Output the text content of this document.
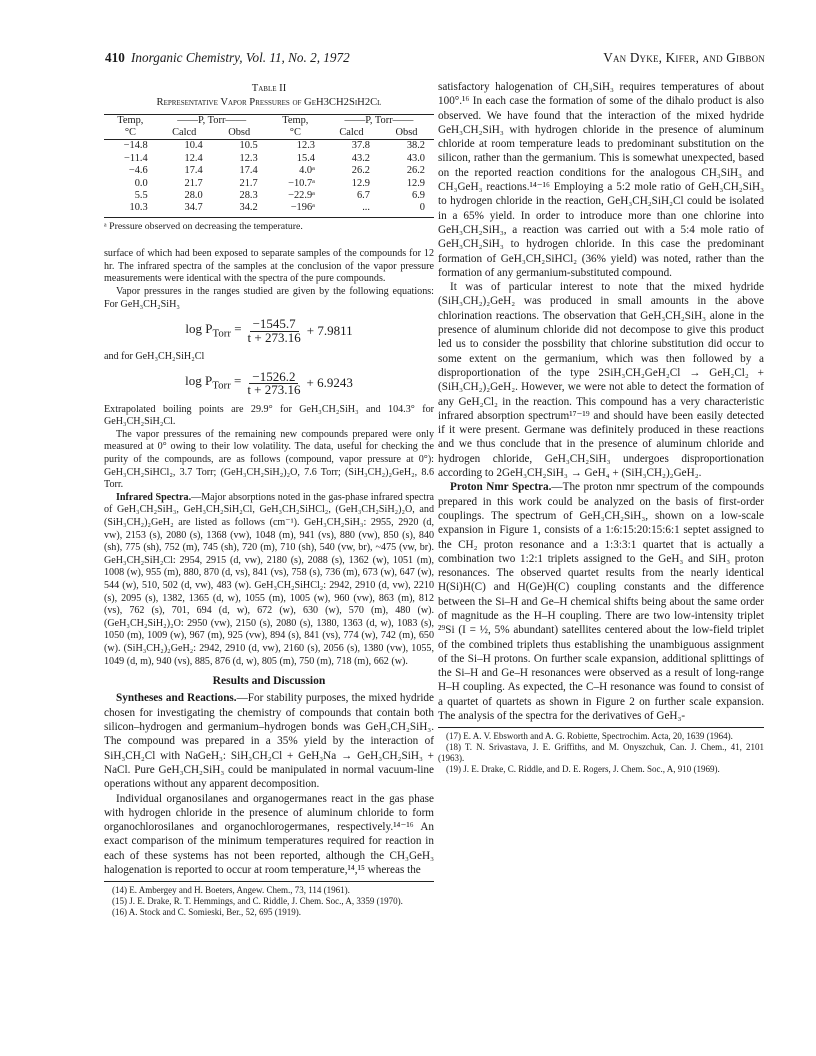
410 Inorganic Chemistry, Vol. 11, No. 2, 1972	Van Dyke, Kifer, and Gibbon
Table II
Representative Vapor Pressures of GeH3CH2SiH2Cl
Temp,	——P, Torr——		Temp,	——P, Torr——	
°C	Calcd	Obsd	°C	Calcd	Obsd
−14.8	10.4	10.5	12.3	37.8	38.2
−11.4	12.4	12.3	15.4	43.2	43.0
−4.6	17.4	17.4	4.0ᵃ	26.2	26.2
0.0	21.7	21.7	−10.7ᵃ	12.9	12.9
5.5	28.0	28.3	−22.9ᵃ	6.7	6.9
10.3	34.7	34.2	−196ᵃ	...	0
ᵃ Pressure observed on decreasing the temperature.

surface of which had been exposed to separate samples of the compounds for 12 hr. The infrared spectra of the samples at the conclusion of the vapor pressure measurements were identical with the spectra of the pure compounds.

Vapor pressures in the ranges studied are given by the following equations: For GeH₃CH₂SiH₃

$\log P_{Torr} = \frac{-1545.7}{t + 273.16} + 7.9811$

and for GeH₃CH₂SiH₂Cl

$\log P_{Torr} = \frac{-1526.2}{t + 273.16} + 6.9243$

Extrapolated boiling points are 29.9° for GeH₃CH₂SiH₃ and 104.3° for GeH₃CH₂SiH₂Cl.

The vapor pressures of the remaining new compounds prepared were only measured at 0° owing to their low volatility. The data, useful for checking the purity of the compounds, are as follows (compound, vapor pressure at 0°): GeH₃CH₂SiHCl₂, 3.7 Torr; (GeH₃CH₂SiH₂)₂O, 7.6 Torr; (SiH₃CH₂)₂GeH₂, 8.6 Torr.

Infrared Spectra.—Major absorptions noted in the gas-phase infrared spectra of GeH₃CH₂SiH₃, GeH₃CH₂SiH₂Cl, GeH₃CH₂SiHCl₂, (GeH₃CH₂SiH₂)₂O, and (SiH₃CH₂)₂GeH₂ are listed as follows (cm⁻¹). GeH₃CH₂SiH₃: 2955, 2920 (d, vw), 2153 (s), 2080 (s), 1368 (vw), 1048 (m), 941 (vs), 880 (vw), 850 (s), 840 (sh), 775 (sh), 752 (m), 745 (sh), 720 (m), 710 (sh), 540 (vw, br), ~475 (vw, br). GeH₃CH₂SiH₂Cl: 2954, 2915 (d, vw), 2180 (s), 2088 (s), 1362 (w), 1051 (m), 1008 (w), 955 (m), 880, 870 (d, vs), 841 (vs), 758 (s), 736 (m), 673 (w), 647 (w), 544 (w), 510, 502 (d, vw), 483 (w). GeH₃CH₂SiHCl₂: 2942, 2910 (d, vw), 2210 (s), 2095 (s), 1382, 1365 (d, w), 1055 (m), 1005 (w), 960 (vw), 863 (m), 812 (vs), 762 (s), 701, 694 (d, w), 672 (w), 630 (w), 570 (m), 480 (w). (GeH₃CH₂SiH₂)₂O: 2950 (vw), 2150 (s), 2080 (s), 1380, 1363 (d, w), 1083 (s), 1050 (m), 1009 (w), 967 (m), 925 (vw), 894 (s), 841 (vs), 774 (w), 742 (m), 650 (w). (SiH₃CH₂)₂GeH₂: 2942, 2910 (d, vw), 2160 (s), 2056 (s), 1380 (vw), 1055, 1049 (d, m), 940 (vs), 885, 876 (d, w), 805 (m), 750 (m), 718 (m), 662 (w).

Results and Discussion

Syntheses and Reactions.—For stability purposes, the mixed hydride chosen for investigating the chemistry of compounds that contain both silicon–hydrogen and germanium–hydrogen bonds was GeH₃CH₂SiH₃. The compound was prepared in a 35% yield by the interaction of SiH₃CH₂Cl with NaGeH₃: SiH₃CH₂Cl + GeH₃Na → GeH₃CH₂SiH₃ + NaCl. Pure GeH₃CH₂SiH₃ could be manipulated in normal vacuum-line operations without any apparent decomposition.

Individual organosilanes and organogermanes react in the gas phase with hydrogen chloride in the presence of aluminum chloride to form organochlorosilanes and organochlorogermanes, respectively.¹⁴⁻¹⁶ An exact comparison of the minimum temperatures required for reaction in each of these systems has not been reported, although the CH₃GeH₃ halogenation is reported to occur at room temperature,¹⁴,¹⁵ whereas the

(14) E. Ambergey and H. Boeters, Angew. Chem., 73, 114 (1961).

(15) J. E. Drake, R. T. Hemmings, and C. Riddle, J. Chem. Soc., A, 3359 (1970).

(16) A. Stock and C. Somieski, Ber., 52, 695 (1919).

satisfactory halogenation of CH₃SiH₃ requires temperatures of about 100°.¹⁶ In each case the formation of some of the dihalo product is also observed. We have found that the interaction of the mixed hydride GeH₃CH₂SiH₃ with hydrogen chloride in the presence of aluminum chloride at room temperature leads to predominant substitution on the silicon, rather than the germanium. This is somewhat unexpected, based on the reported reaction conditions for the analogous CH₃SiH₃ and CH₃GeH₃ reactions.¹⁴⁻¹⁶ Employing a 5:2 mole ratio of GeH₃CH₂SiH₃ to hydrogen chloride in the reaction, GeH₃CH₂SiH₂Cl could be isolated in a 65% yield. In order to introduce more than one chlorine into GeH₃CH₂SiH₃, a reaction was carried out with a 5:4 mole ratio of GeH₃CH₂SiH₃ to hydrogen chloride. In this case the predominant formation of GeH₃CH₂SiHCl₂ (36% yield) was noted, rather than the formation of any germanium-substituted compound.

It was of particular interest to note that the mixed hydride (SiH₃CH₂)₂GeH₂ was produced in small amounts in the above chlorination reactions. The observation that GeH₃CH₂SiH₃ alone in the presence of aluminum chloride did not decompose to give this product led us to consider the possbility that chlorine substitution did occur to some extent on the germanium, which was then followed by a disproportionation of the type 2SiH₃CH₂GeH₂Cl → GeH₂Cl₂ + (SiH₃CH₂)₂GeH₂. However, we were not able to detect the formation of any GeH₂Cl₂ in the reaction. This compound has a very characteristic infrared absorption spectrum¹⁷⁻¹⁹ and should have been easily detected if it were present. Germane was definitely produced in these reactions and we thus conclude that in the presence of aluminum chloride and hydrogen chloride, GeH₃CH₂SiH₃ undergoes disproportionation according to 2GeH₃CH₂SiH₃ → GeH₄ + (SiH₃CH₂)₂GeH₂.

Proton Nmr Spectra.—The proton nmr spectrum of the compounds prepared in this work could be analyzed on the basis of first-order couplings. The spectrum of GeH₃CH₂SiH₃, shown on a low-scale expansion in Figure 1, consists of a 1:6:15:20:15:6:1 septet assigned to the CH₂ proton resonance and a 1:3:3:1 quartet that is actually a combination two 1:2:1 triplets assigned to the GeH₃ and SiH₃ proton resonances. The observed quartet results from the nearly identical H(Si)H(C) and H(Ge)H(C) coupling constants and the difference between the Si–H and Ge–H chemical shifts being about the same order of magnitude as the H–H coupling. There are two low-intensity triplet ²⁹Si (I = ½, 5% abundant) satellites centered about the low-field triplet of the combined triplets thus establishing the unambiguous assignment of the Si–H protons. On further scale expansion, additional splittings of the Si–H and Ge–H resonances were observed as a result of long-range H–H coupling. As expected, the C–H resonance was found to consist of a quartet of quartets as shown in Figure 2 on further scale expansion. The analysis of the spectra for the derivatives of GeH₃-

(17) E. A. V. Ebsworth and A. G. Robiette, Spectrochim. Acta, 20, 1639 (1964).

(18) T. N. Srivastava, J. E. Griffiths, and M. Onyszchuk, Can. J. Chem., 41, 2101 (1963).

(19) J. E. Drake, C. Riddle, and D. E. Rogers, J. Chem. Soc., A, 910 (1969).
